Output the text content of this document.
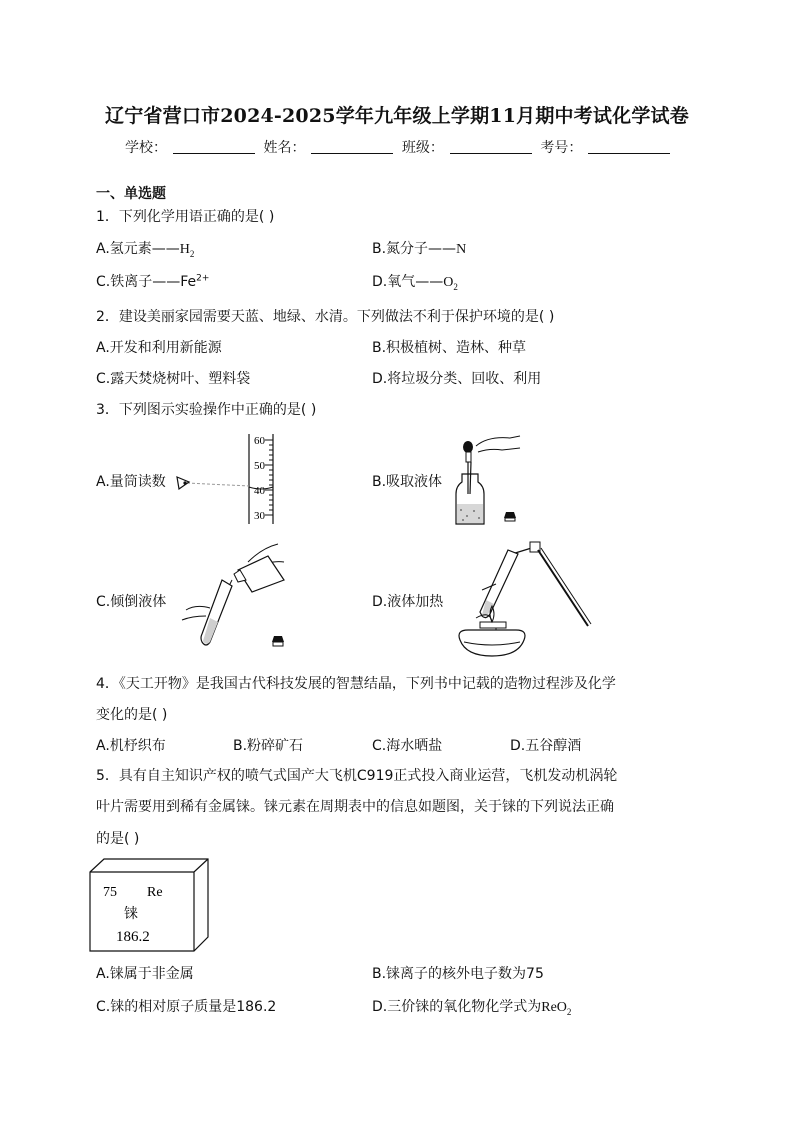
辽宁省营口市2024-2025学年九年级上学期11月期中考试化学试卷
学校：	姓名：	班级：	考号：
一、单选题
1．下列化学用语正确的是( )
A.氢元素$——H_2$	B.氮分子——N
C.铁离子$——Fe^{2+}$	D.氧气$——O_2$
2．建设美丽家园需要天蓝、地绿、水清。下列做法不利于保护环境的是( )
A.开发和利用新能源	B.积极植树、造林、种草
C.露天焚烧树叶、塑料袋	D.将垃圾分类、回收、利用
3．下列图示实验操作中正确的是( )
A.量筒读数	B.吸取液体
C.倾倒液体	D.液体加热
60
50
40
30
4．《天工开物》是我国古代科技发展的智慧结晶，下列书中记载的造物过程涉及化学
变化的是( )
A.机杼织布	B.粉碎矿石	C.海水晒盐	D.五谷醇酒
5．具有自主知识产权的喷气式国产大飞机C919正式投入商业运营，飞机发动机涡轮
叶片需要用到稀有金属铼。铼元素在周期表中的信息如题图，关于铼的下列说法正确
的是( )
75 Re
铼
186.2
A.铼属于非金属	B.铼离子的核外电子数为75
C.铼的相对原子质量是186.2	D.三价铼的氧化物化学式为ReO$_2$
